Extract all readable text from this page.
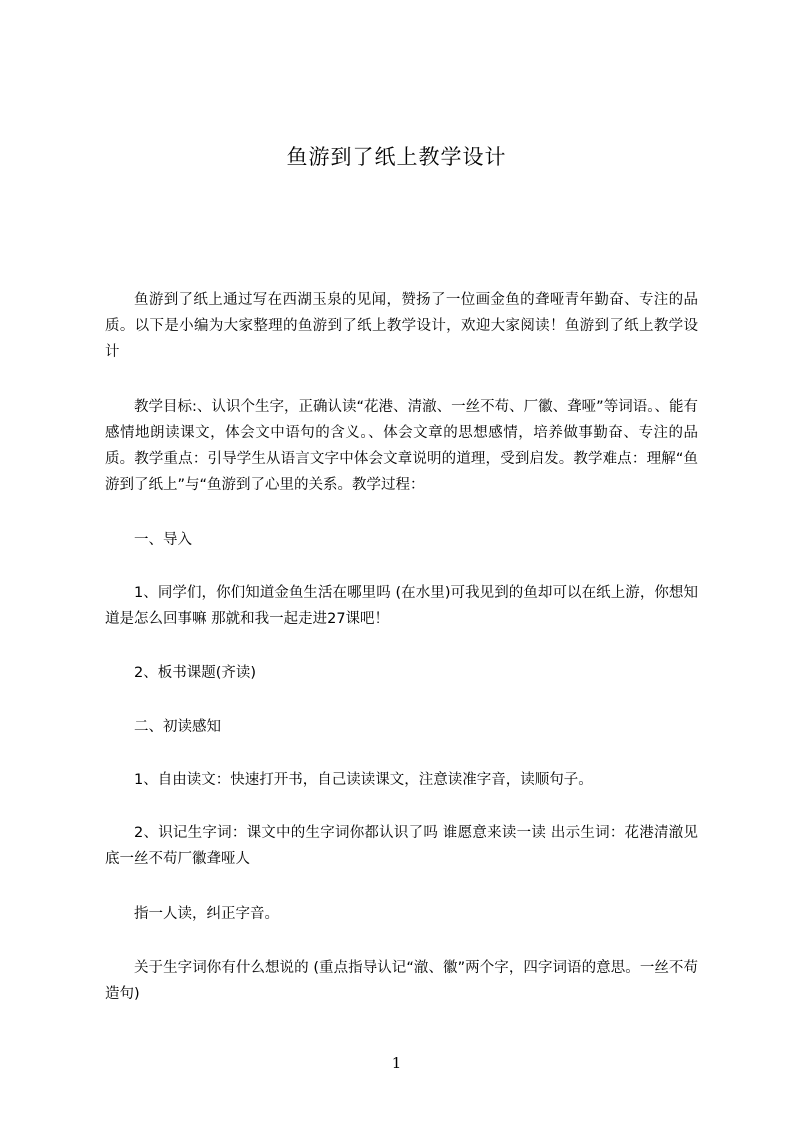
鱼游到了纸上教学设计

鱼游到了纸上通过写在西湖玉泉的见闻，赞扬了一位画金鱼的聋哑青年勤奋、专注的品质。以下是小编为大家整理的鱼游到了纸上教学设计，欢迎大家阅读！鱼游到了纸上教学设计

教学目标:、认识个生字，正确认读“花港、清澈、一丝不苟、厂徽、聋哑”等词语。、能有感情地朗读课文，体会文中语句的含义。、体会文章的思想感情，培养做事勤奋、专注的品质。教学重点：引导学生从语言文字中体会文章说明的道理，受到启发。教学难点：理解“鱼游到了纸上”与“鱼游到了心里的关系。教学过程：

一、导入

1、同学们，你们知道金鱼生活在哪里吗 (在水里)可我见到的鱼却可以在纸上游，你想知道是怎么回事嘛 那就和我一起走进27课吧！

2、板书课题(齐读)

二、初读感知

1、自由读文：快速打开书，自己读读课文，注意读准字音，读顺句子。

2、识记生字词：课文中的生字词你都认识了吗 谁愿意来读一读 出示生词：花港清澈见底一丝不苟厂徽聋哑人

指一人读，纠正字音。

关于生字词你有什么想说的 (重点指导认记“澈、徽”两个字，四字词语的意思。一丝不苟造句)

1
